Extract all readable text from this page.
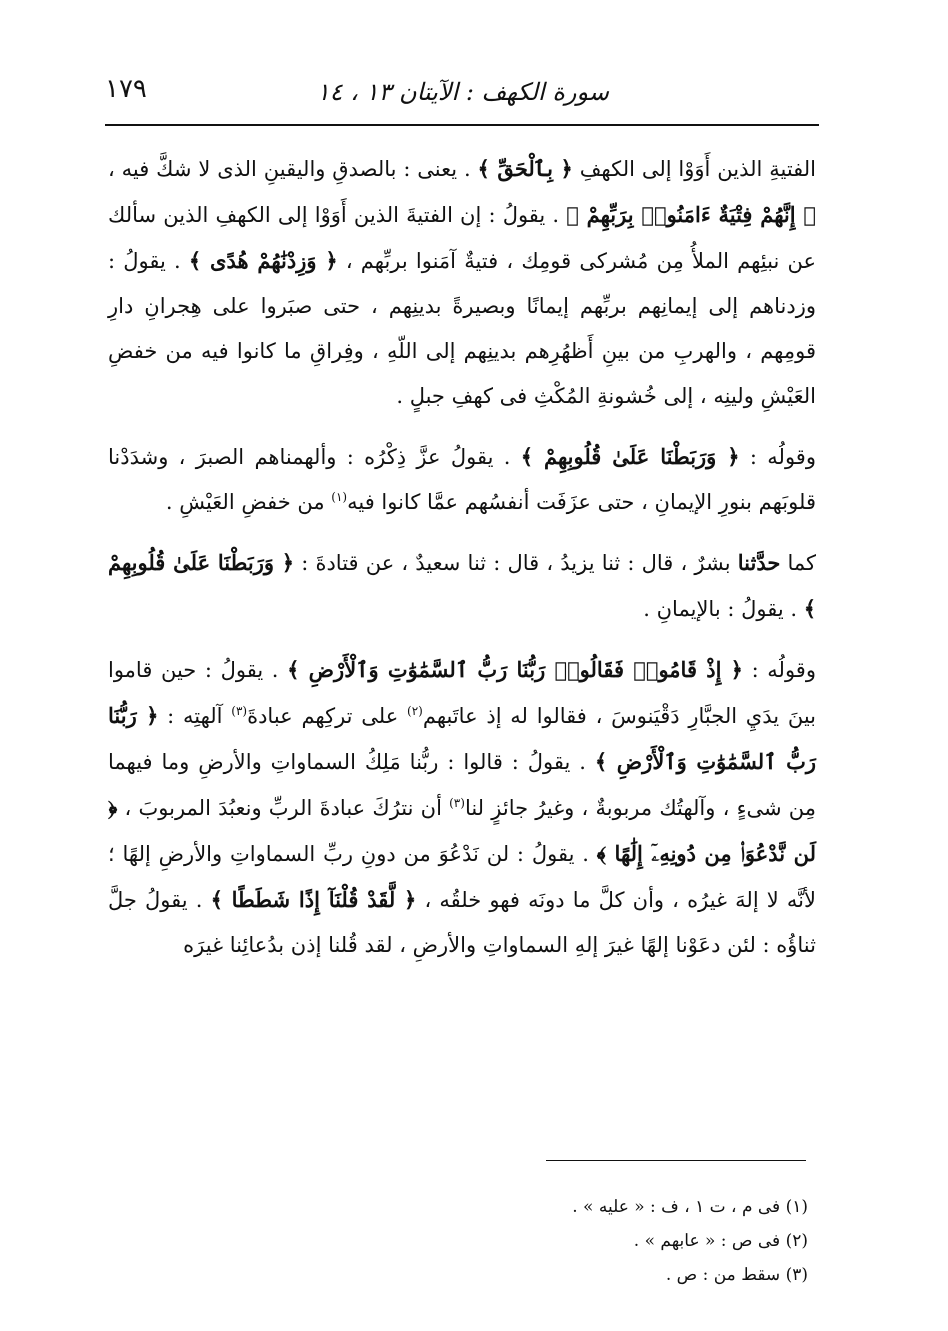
سورة الكهف : الآيتان ١٣ ، ١٤
١٧٩

الفتيةِ الذين أَوَوْا إلى الكهفِ ﴿ بِٱلْحَقِّ ﴾ . يعنى : بالصدقِ واليقينِ الذى لا شكَّ فيه ، ﴿ إِنَّهُمْ فِتْيَةٌ ءَامَنُوا۟ بِرَبِّهِمْ ﴾ . يقولُ : إن الفتيةَ الذين أَوَوْا إلى الكهفِ الذين سألك عن نبئِهم الملأُ مِن مُشركى قومِك ، فتيةٌ آمَنوا بربِّهم ، ﴿ وَزِدْنَٰهُمْ هُدًى ﴾ . يقولُ : وزدناهم إلى إيمانِهم بربِّهم إيمانًا وبصيرةً بدينِهم ، حتى صبَروا على هِجرانِ دارِ قومِهم ، والهربِ من بينِ أَظهُرِهم بدينِهم إلى اللّهِ ، وفِراقِ ما كانوا فيه من خفضِ العَيْشِ ولينِه ، إلى خُشونةِ المُكْثِ فى كهفِ جبلٍ .

وقولُه : ﴿ وَرَبَطْنَا عَلَىٰ قُلُوبِهِمْ ﴾ . يقولُ عزَّ ذِكْرُه : وألهمناهم الصبرَ ، وشدَدْنا قلوبَهم بنورِ الإيمانِ ، حتى عزَفَت أنفسُهم عمَّا كانوا فيه$^{(١)}$ من خفضِ العَيْشِ .

كما حدَّثنا بشرٌ ، قال : ثنا يزيدُ ، قال : ثنا سعيدٌ ، عن قتادةَ : ﴿ وَرَبَطْنَا عَلَىٰ قُلُوبِهِمْ ﴾ . يقولُ : بالإيمانِ .

وقولُه : ﴿ إِذْ قَامُوا۟ فَقَالُوا۟ رَبُّنَا رَبُّ ٱلسَّمَٰوَٰتِ وَٱلْأَرْضِ ﴾ . يقولُ : حين قاموا بينَ يدَيِ الجبَّارِ دَقْيَنوسَ ، فقالوا له إذ عاتَبهم$^{(٢)}$ على تركِهم عبادةَ$^{(٣)}$ آلهتِه : ﴿ رَبُّنَا رَبُّ ٱلسَّمَٰوَٰتِ وَٱلْأَرْضِ ﴾ . يقولُ : قالوا : ربُّنا مَلِكُ السماواتِ والأرضِ وما فيهما مِن شىءٍ ، وآلهتُك مربوبةٌ ، وغيرُ جائزٍ لنا$^{(٣)}$ أن نترُكَ عبادةَ الربِّ ونعبُدَ المربوبَ ، ﴿ لَن نَّدْعُوَا۟ مِن دُونِهِۦٓ إِلَٰهًا ﴾ . يقولُ : لن نَدْعُوَ من دونِ ربِّ السماواتِ والأرضِ إلهًا ؛ لأنَّه لا إلهَ غيرُه ، وأن كلَّ ما دونَه فهو خلقُه ، ﴿ لَّقَدْ قُلْنَآ إِذًا شَطَطًا ﴾ . يقولُ جلَّ ثناؤُه : لئن دعَوْنا إلهًا غيرَ إلهِ السماواتِ والأرضِ ، لقد قُلنا إذن بدُعائِنا غيرَه

(١) فى م ، ت ١ ، ف : « عليه » .

(٢) فى ص : « عابهم » .

(٣) سقط من : ص .
